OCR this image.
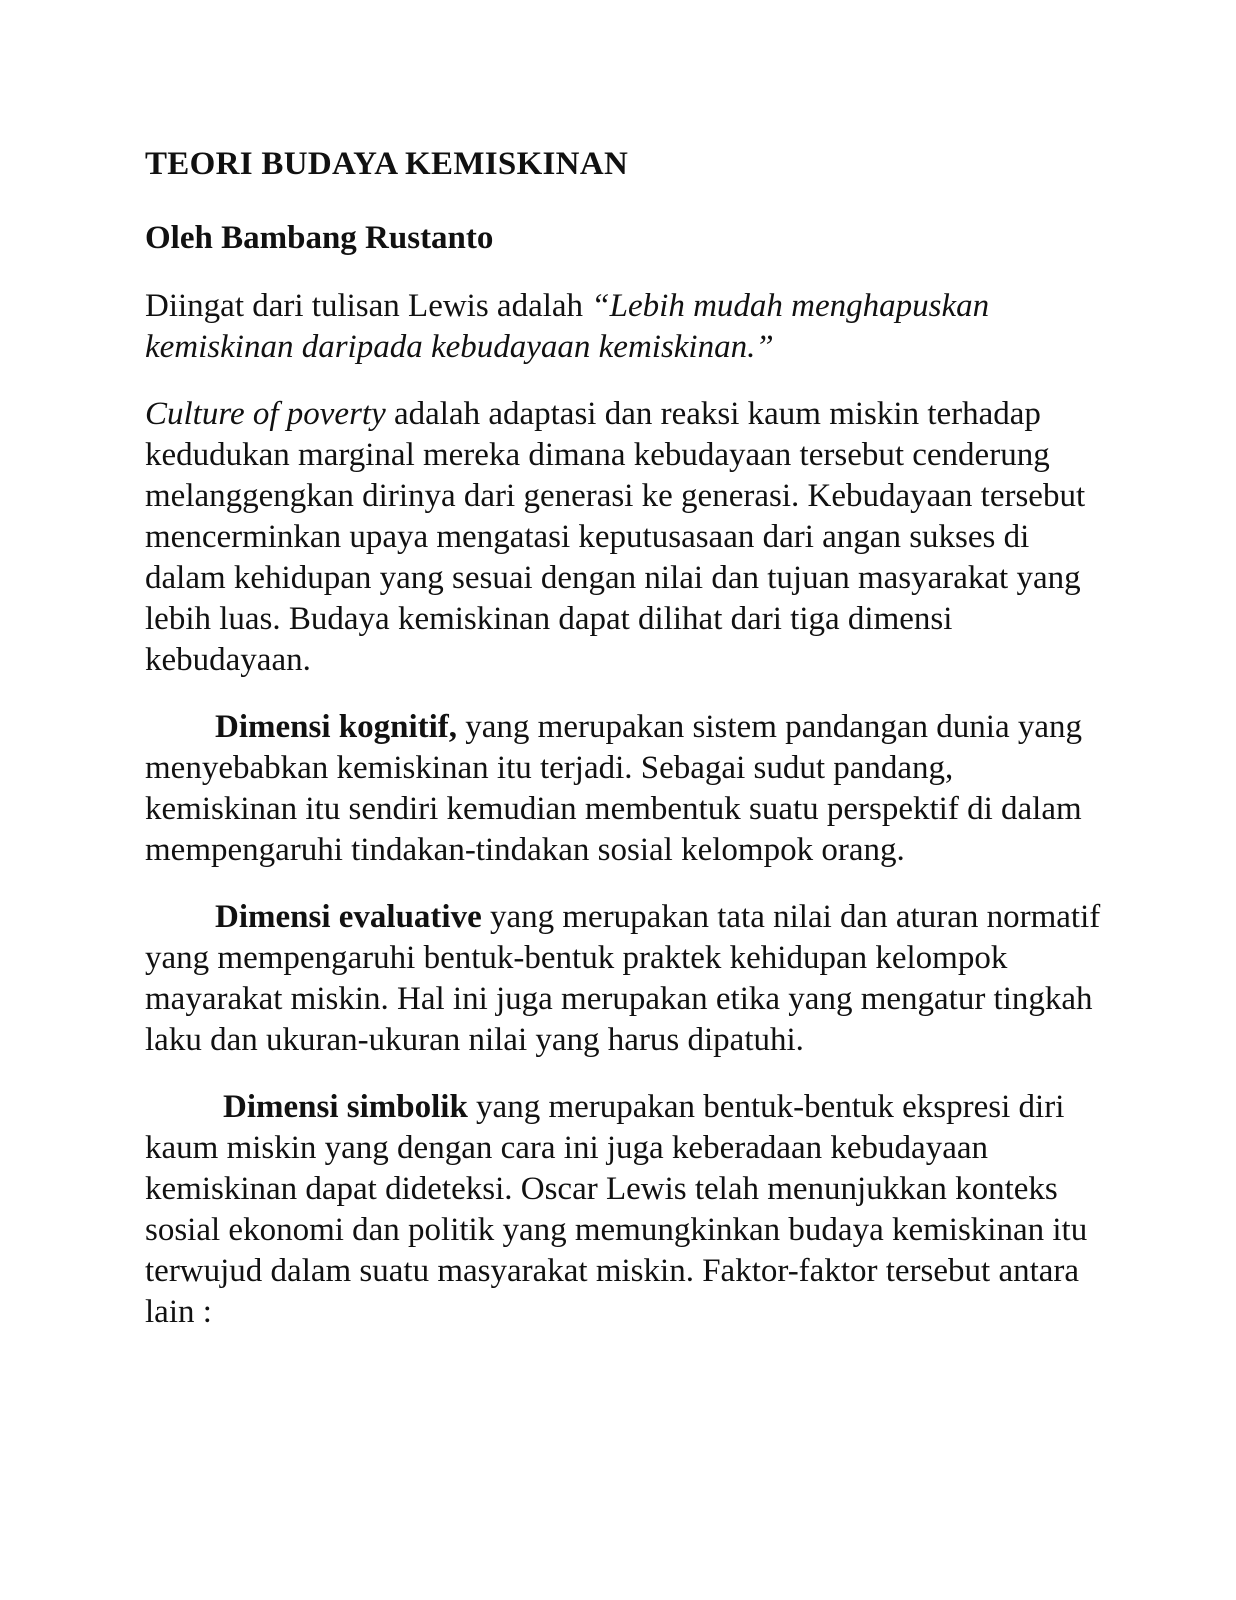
TEORI BUDAYA KEMISKINAN
Oleh Bambang Rustanto

Diingat dari tulisan Lewis adalah “Lebih mudah menghapuskan kemiskinan daripada kebudayaan kemiskinan.”

Culture of poverty adalah adaptasi dan reaksi kaum miskin terhadap kedudukan marginal mereka dimana kebudayaan tersebut cenderung melanggengkan dirinya dari generasi ke generasi. Kebudayaan tersebut mencerminkan upaya mengatasi keputusasaan dari angan sukses di dalam kehidupan yang sesuai dengan nilai dan tujuan masyarakat yang lebih luas. Budaya kemiskinan dapat dilihat dari tiga dimensi kebudayaan.

Dimensi kognitif, yang merupakan sistem pandangan dunia yang menyebabkan kemiskinan itu terjadi. Sebagai sudut pandang, kemiskinan itu sendiri kemudian membentuk suatu perspektif di dalam mempengaruhi tindakan-tindakan sosial kelompok orang.

Dimensi evaluative yang merupakan tata nilai dan aturan normatif yang mempengaruhi bentuk-bentuk praktek kehidupan kelompok mayarakat miskin. Hal ini juga merupakan etika yang mengatur tingkah laku dan ukuran-ukuran nilai yang harus dipatuhi.

Dimensi simbolik yang merupakan bentuk-bentuk ekspresi diri kaum miskin yang dengan cara ini juga keberadaan kebudayaan kemiskinan dapat dideteksi. Oscar Lewis telah menunjukkan konteks sosial ekonomi dan politik yang memungkinkan budaya kemiskinan itu terwujud dalam suatu masyarakat miskin. Faktor-faktor tersebut antara lain :
